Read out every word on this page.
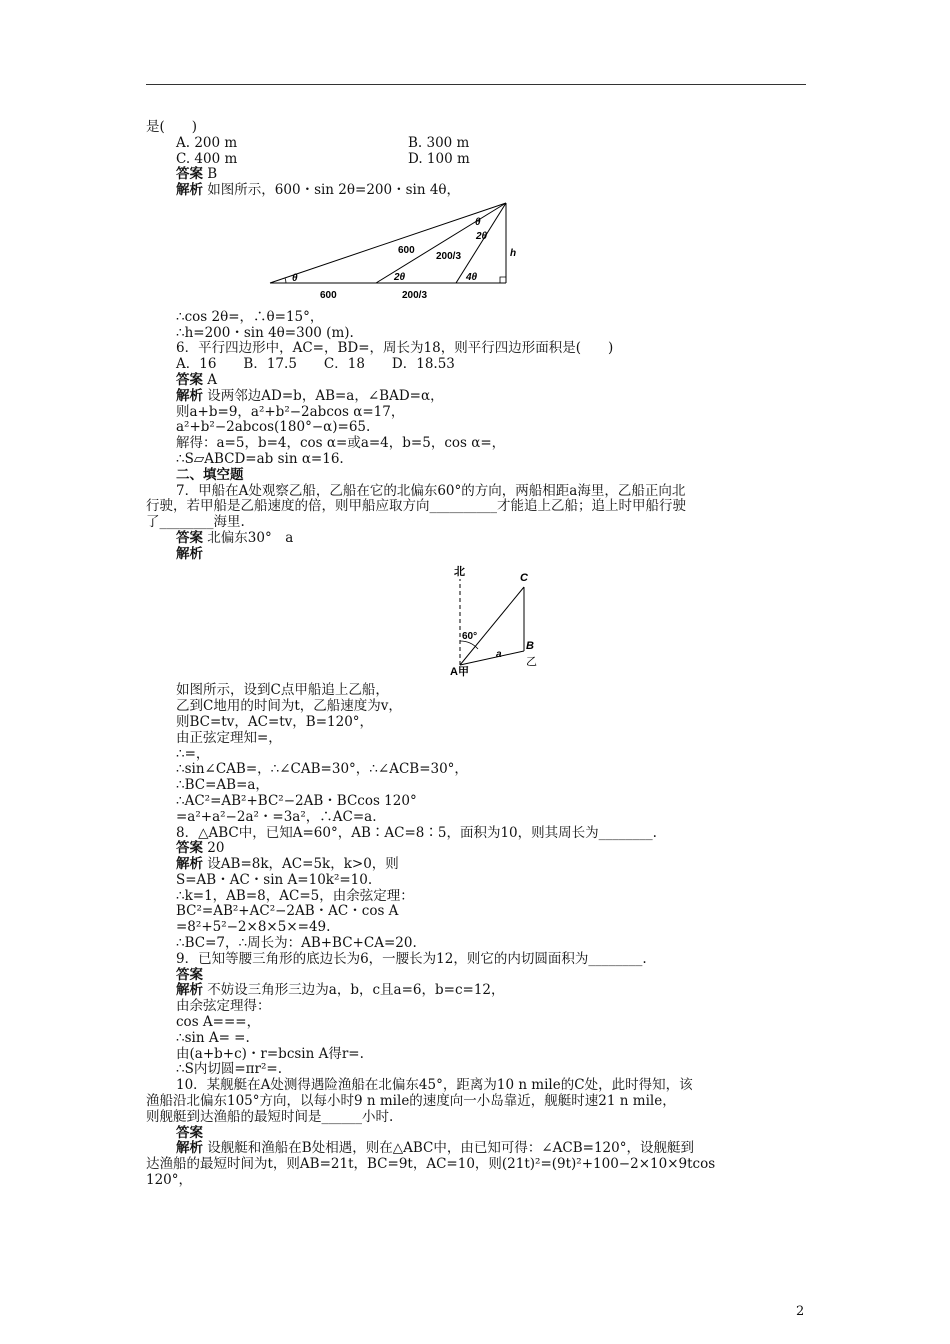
是(　　)
A. 200 m	B. 300 m
C. 400 m	D. 100 m
答案 B
解析 如图所示，600・sin 2θ=200・sin 4θ，
θ	2θ	4θ
600
200/3
600	200/3
2θ
θ
h
∴cos 2θ=，∴θ=15°，
∴h=200・sin 4θ=300 (m).
6．平行四边形中，AC=，BD=，周长为18，则平行四边形面积是(　　)
A．16　　B．17.5　　C．18　　D．18.53
答案 A
解析 设两邻边AD=b，AB=a，∠BAD=α，
则a+b=9，a²+b²−2abcos α=17，
a²+b²−2abcos(180°−α)=65.
解得：a=5，b=4，cos α=或a=4，b=5，cos α=，
∴S▱ABCD=ab sin α=16.
二、填空题
7．甲船在A处观察乙船，乙船在它的北偏东60°的方向，两船相距a海里，乙船正向北
行驶，若甲船是乙船速度的倍，则甲船应取方向__________才能追上乙船；追上时甲船行驶
了________海里.
答案 北偏东30°　a
解析
北	C
60°
B
a
乙
A甲
如图所示，设到C点甲船追上乙船，
乙到C地用的时间为t，乙船速度为v，
则BC=tv，AC=tv，B=120°，
由正弦定理知=，
∴=，
∴sin∠CAB=，∴∠CAB=30°，∴∠ACB=30°，
∴BC=AB=a，
∴AC²=AB²+BC²−2AB・BCcos 120°
=a²+a²−2a²・=3a²，∴AC=a.
8．△ABC中，已知A=60°，AB∶AC=8∶5，面积为10，则其周长为________.
答案 20
解析 设AB=8k，AC=5k，k>0，则
S=AB・AC・sin A=10k²=10.
∴k=1，AB=8，AC=5，由余弦定理：
BC²=AB²+AC²−2AB・AC・cos A
=8²+5²−2×8×5×=49.
∴BC=7，∴周长为：AB+BC+CA=20.
9．已知等腰三角形的底边长为6，一腰长为12，则它的内切圆面积为________.
答案
解析 不妨设三角形三边为a，b，c且a=6，b=c=12，
由余弦定理得：
cos A===，
∴sin A= =.
由(a+b+c)・r=bcsin A得r=.
∴S内切圆=πr²=.
10．某舰艇在A处测得遇险渔船在北偏东45°，距离为10 n mile的C处，此时得知，该
渔船沿北偏东105°方向，以每小时9 n mile的速度向一小岛靠近，舰艇时速21 n mile，
则舰艇到达渔船的最短时间是______小时.
答案
解析 设舰艇和渔船在B处相遇，则在△ABC中，由已知可得：∠ACB=120°，设舰艇到
达渔船的最短时间为t，则AB=21t，BC=9t，AC=10，则(21t)²=(9t)²+100−2×10×9tcos
120°，
2
